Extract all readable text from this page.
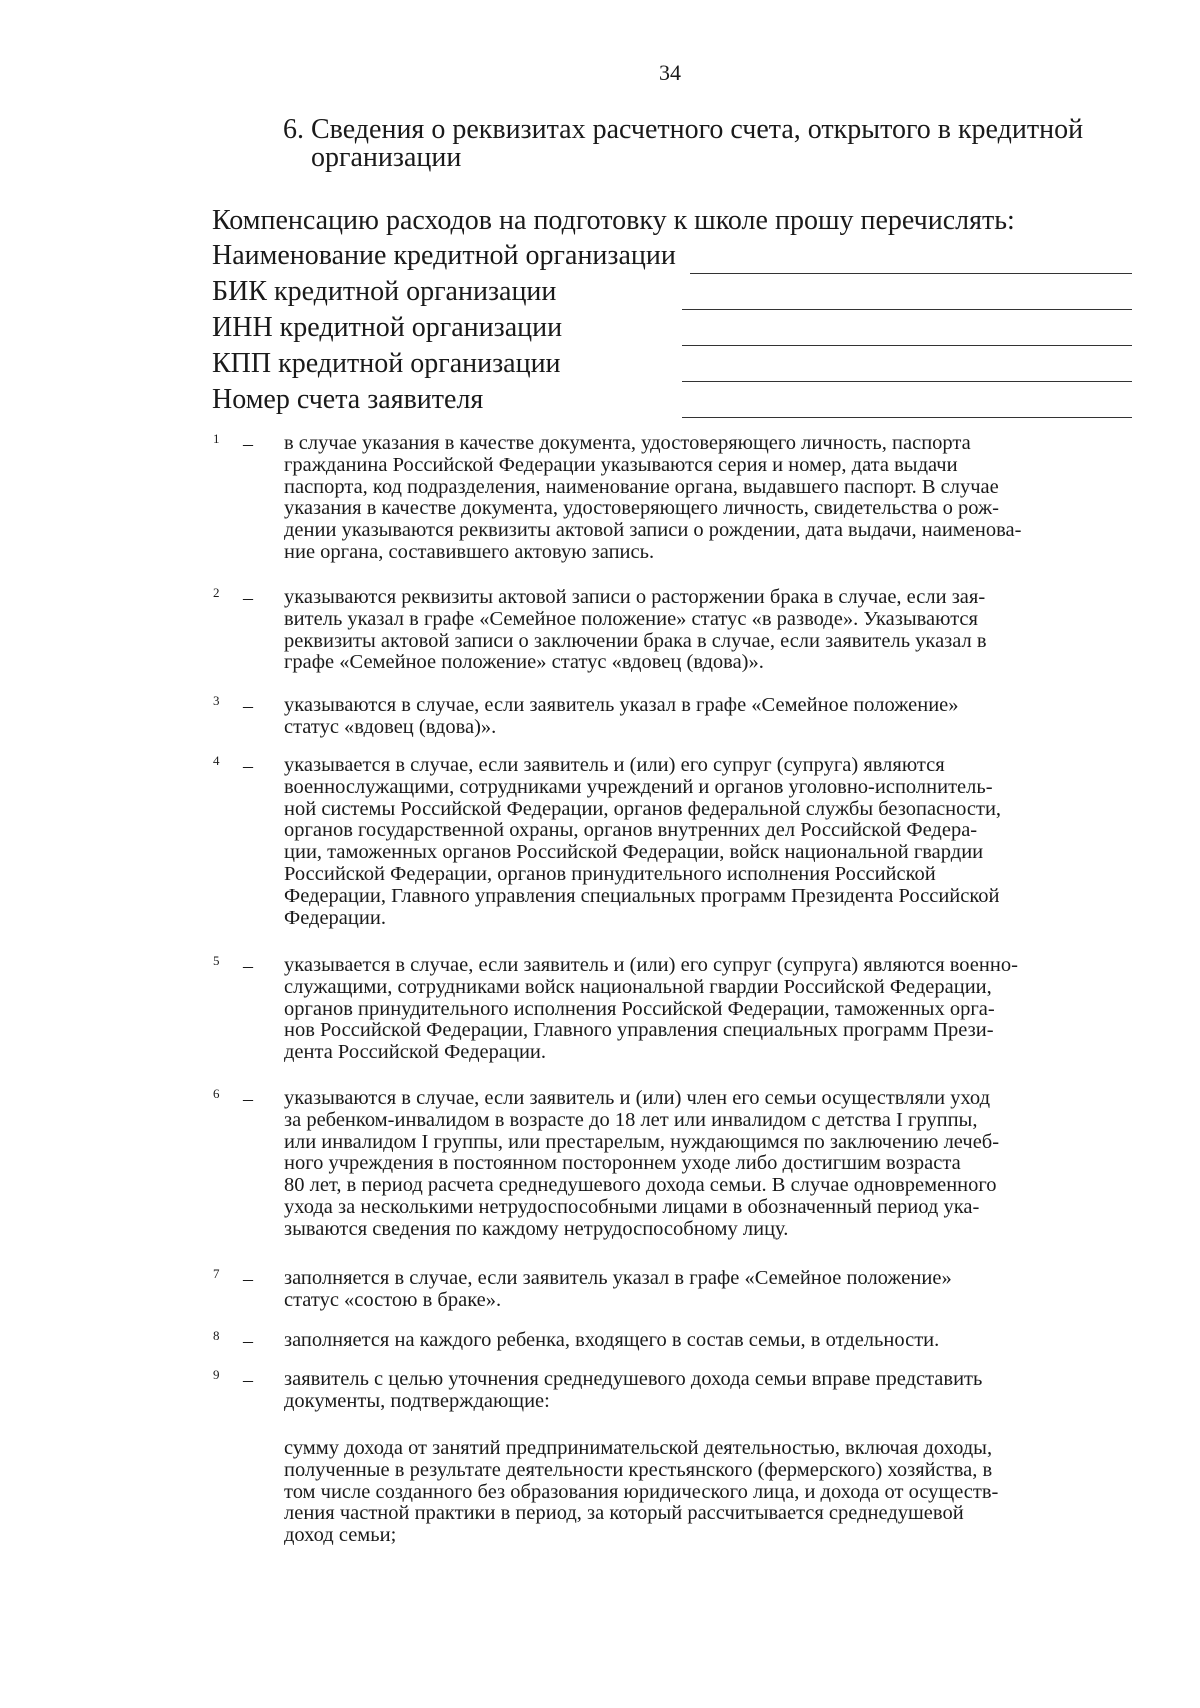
34
6. Сведения о реквизитах расчетного счета, открытого в кредитной
организации
Компенсацию расходов на подготовку к школе прошу перечислять:
Наименование кредитной организации
БИК кредитной организации
ИНН кредитной организации
КПП кредитной организации
Номер счета заявителя
1 – в случае указания в качестве документа, удостоверяющего личность, паспорта
гражданина Российской Федерации указываются серия и номер, дата выдачи
паспорта, код подразделения, наименование органа, выдавшего паспорт. В случае
указания в качестве документа, удостоверяющего личность, свидетельства о рож-
дении указываются реквизиты актовой записи о рождении, дата выдачи, наименова-
ние органа, составившего актовую запись.
2 – указываются реквизиты актовой записи о расторжении брака в случае, если зая-
витель указал в графе «Семейное положение» статус «в разводе». Указываются
реквизиты актовой записи о заключении брака в случае, если заявитель указал в
графе «Семейное положение» статус «вдовец (вдова)».
3 – указываются в случае, если заявитель указал в графе «Семейное положение»
статус «вдовец (вдова)».
4 – указывается в случае, если заявитель и (или) его супруг (супруга) являются
военнослужащими, сотрудниками учреждений и органов уголовно-исполнитель-
ной системы Российской Федерации, органов федеральной службы безопасности,
органов государственной охраны, органов внутренних дел Российской Федера-
ции, таможенных органов Российской Федерации, войск национальной гвардии
Российской Федерации, органов принудительного исполнения Российской
Федерации, Главного управления специальных программ Президента Российской
Федерации.
5 – указывается в случае, если заявитель и (или) его супруг (супруга) являются военно-
служащими, сотрудниками войск национальной гвардии Российской Федерации,
органов принудительного исполнения Российской Федерации, таможенных орга-
нов Российской Федерации, Главного управления специальных программ Прези-
дента Российской Федерации.
6 – указываются в случае, если заявитель и (или) член его семьи осуществляли уход
за ребенком-инвалидом в возрасте до 18 лет или инвалидом с детства I группы,
или инвалидом I группы, или престарелым, нуждающимся по заключению лечеб-
ного учреждения в постоянном постороннем уходе либо достигшим возраста
80 лет, в период расчета среднедушевого дохода семьи. В случае одновременного
ухода за несколькими нетрудоспособными лицами в обозначенный период ука-
зываются сведения по каждому нетрудоспособному лицу.
7 – заполняется в случае, если заявитель указал в графе «Семейное положение»
статус «состою в браке».
8 – заполняется на каждого ребенка, входящего в состав семьи, в отдельности.
9 – заявитель с целью уточнения среднедушевого дохода семьи вправе представить
документы, подтверждающие:
сумму дохода от занятий предпринимательской деятельностью, включая доходы,
полученные в результате деятельности крестьянского (фермерского) хозяйства, в
том числе созданного без образования юридического лица, и дохода от осуществ-
ления частной практики в период, за который рассчитывается среднедушевой
доход семьи;
